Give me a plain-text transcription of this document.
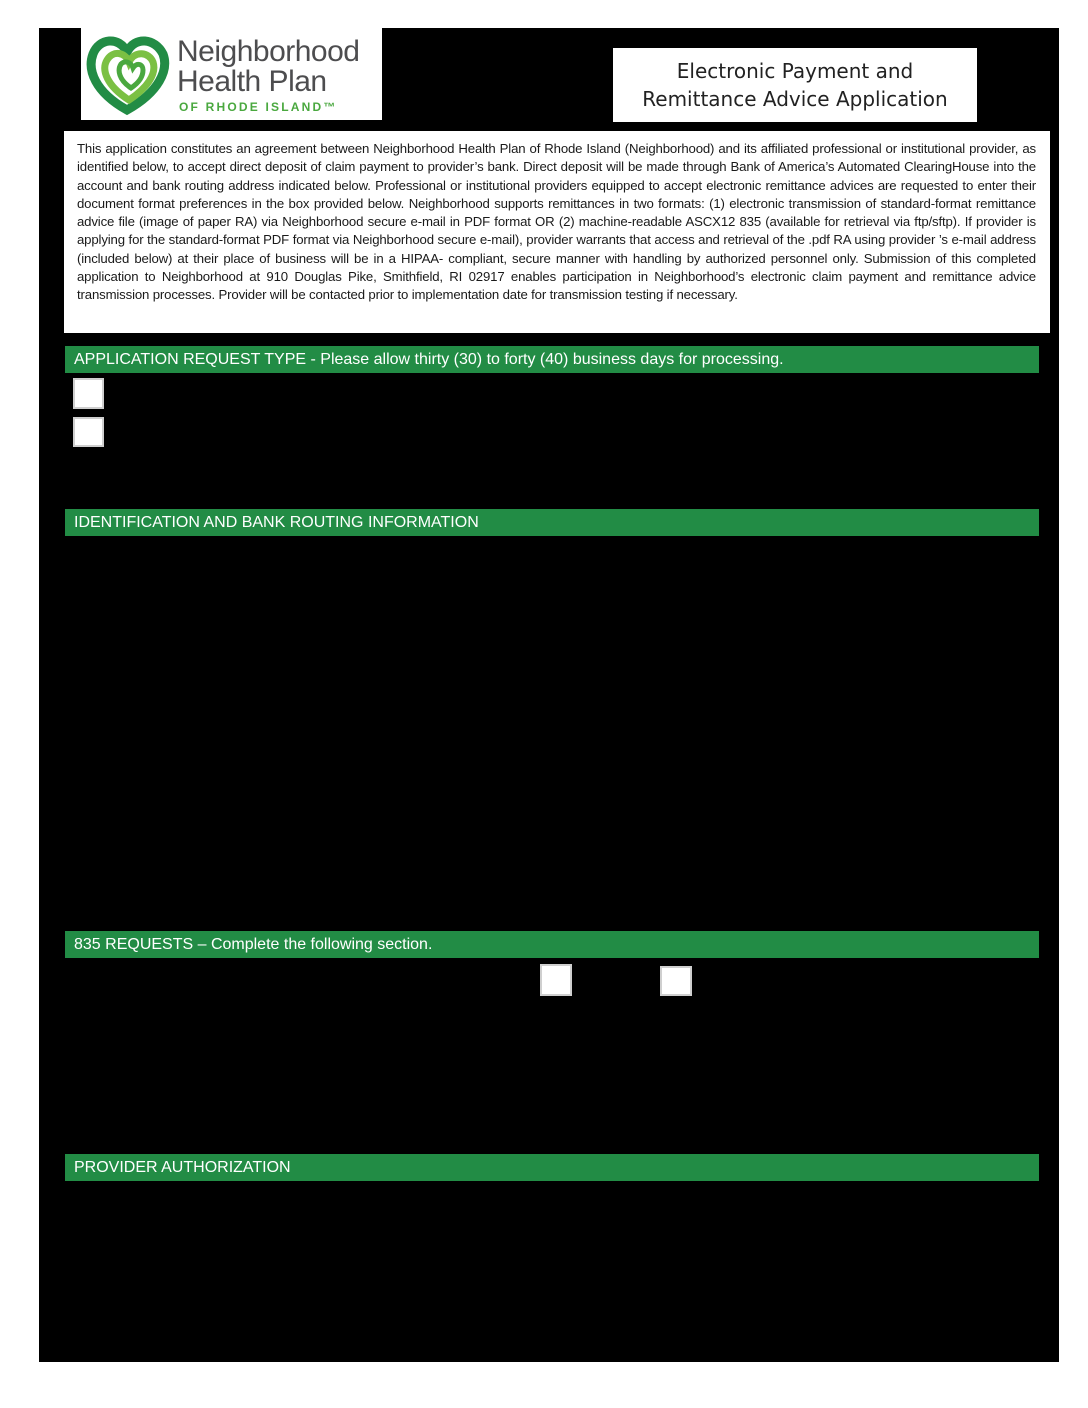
Neighborhood
Health Plan
OF RHODE ISLAND™
Electronic Payment and
Remittance Advice Application

This application constitutes an agreement between Neighborhood Health Plan of Rhode Island (Neighborhood) and its affiliated professional or institutional provider, as identified below, to accept direct deposit of claim payment to provider’s bank. Direct deposit will be made through Bank of America’s Automated ClearingHouse into the account and bank routing address indicated below. Professional or institutional providers equipped to accept electronic remittance advices are requested to enter their document format preferences in the box provided below. Neighborhood supports remittances in two formats: (1) electronic transmission of standard-format remittance advice file (image of paper RA) via Neighborhood secure e-mail in PDF format OR (2) machine-readable ASCX12 835 (available for retrieval via ftp/sftp). If provider is applying for the standard-format PDF format via Neighborhood secure e-mail), provider warrants that access and retrieval of the .pdf RA using provider ’s e-mail address (included below) at their place of business will be in a HIPAA- compliant, secure manner with handling by authorized personnel only. Submission of this completed application to Neighborhood at 910 Douglas Pike, Smithfield, RI 02917 enables participation in Neighborhood’s electronic claim payment and remittance advice transmission processes. Provider will be contacted prior to implementation date for transmission testing if necessary.

APPLICATION REQUEST TYPE - Please allow thirty (30) to forty (40) business days for processing.
IDENTIFICATION AND BANK ROUTING INFORMATION
835 REQUESTS – Complete the following section.
PROVIDER AUTHORIZATION
